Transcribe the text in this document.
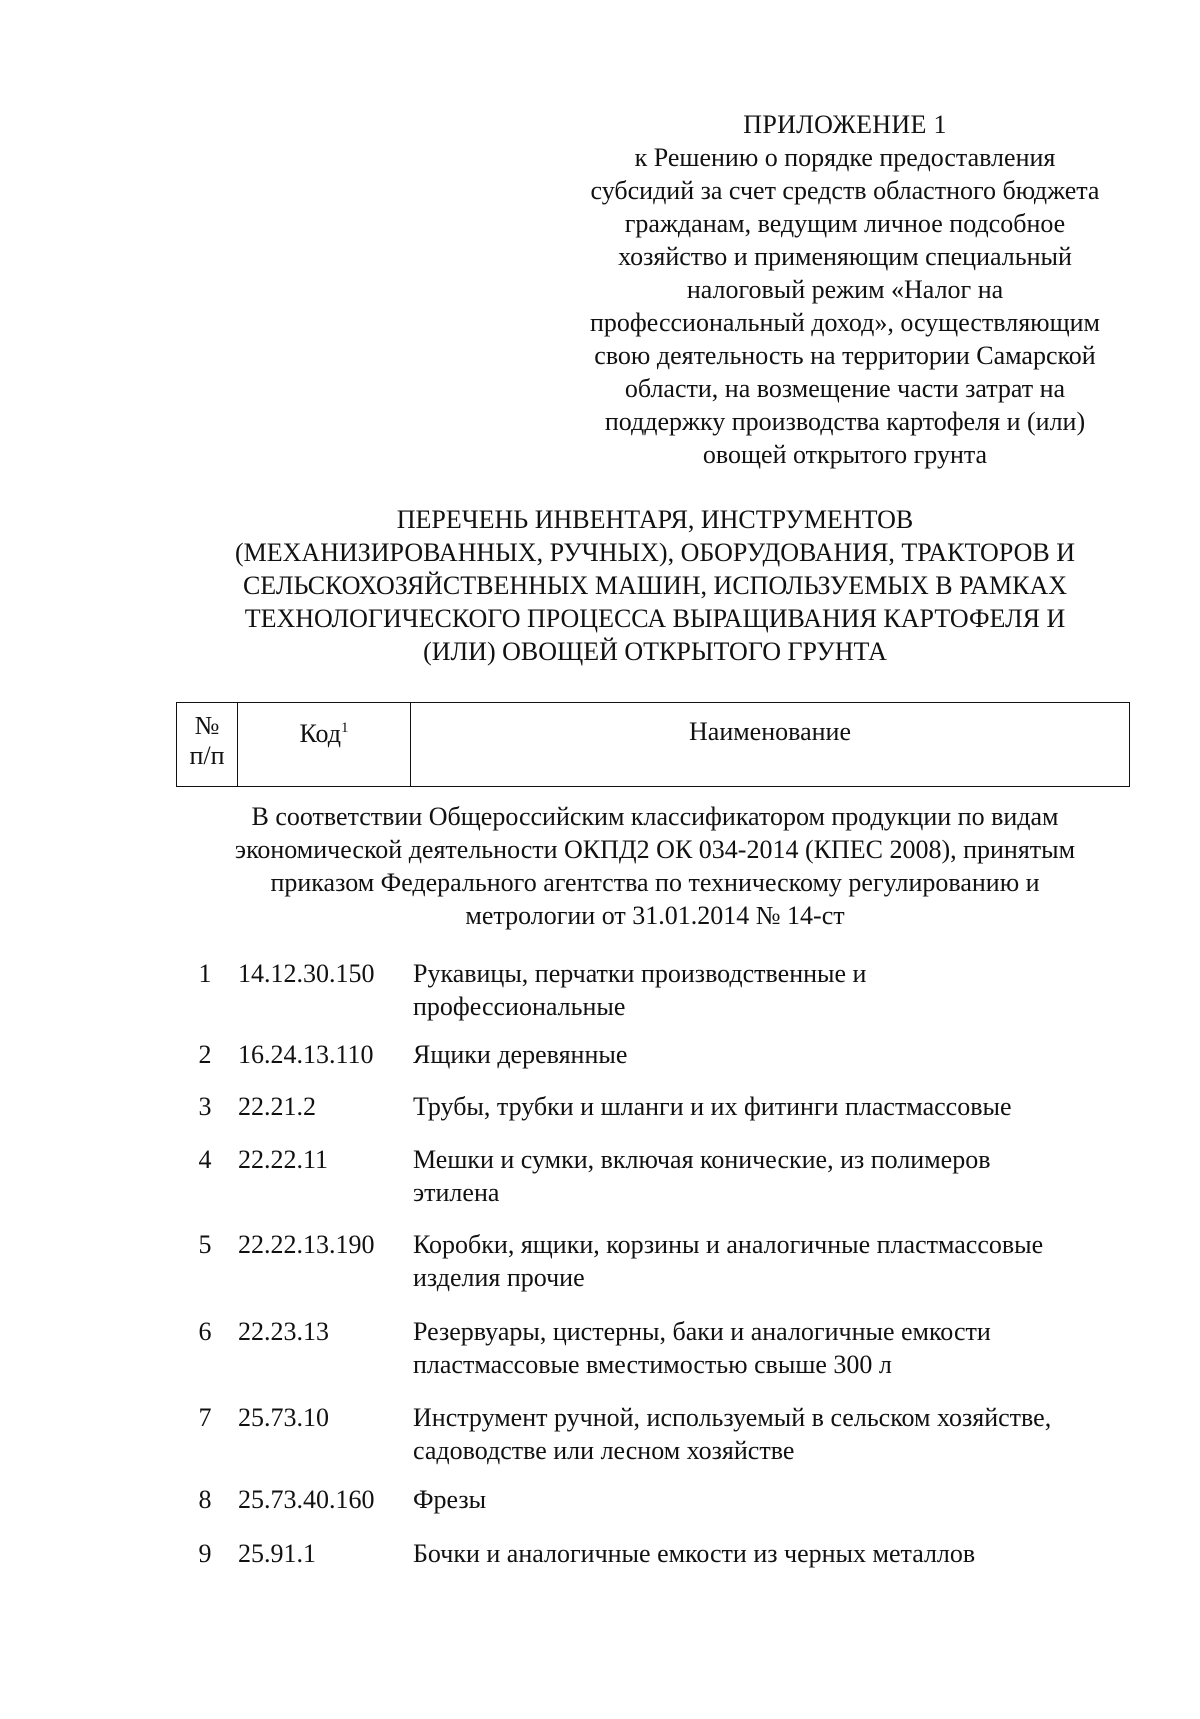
ПРИЛОЖЕНИЕ 1
к Решению о порядке предоставления
субсидий за счет средств областного бюджета
гражданам, ведущим личное подсобное
хозяйство и применяющим специальный
налоговый режим «Налог на
профессиональный доход», осуществляющим
свою деятельность на территории Самарской
области, на возмещение части затрат на
поддержку производства картофеля и (или)
овощей открытого грунта
ПЕРЕЧЕНЬ ИНВЕНТАРЯ, ИНСТРУМЕНТОВ
(МЕХАНИЗИРОВАННЫХ, РУЧНЫХ), ОБОРУДОВАНИЯ, ТРАКТОРОВ И
СЕЛЬСКОХОЗЯЙСТВЕННЫХ МАШИН, ИСПОЛЬЗУЕМЫХ В РАМКАХ
ТЕХНОЛОГИЧЕСКОГО ПРОЦЕССА ВЫРАЩИВАНИЯ КАРТОФЕЛЯ И
(ИЛИ) ОВОЩЕЙ ОТКРЫТОГО ГРУНТА
№
п/п
Код$^1$	Наименование
В соответствии Общероссийским классификатором продукции по видам
экономической деятельности ОКПД2 ОК 034-2014 (КПЕС 2008), принятым
приказом Федерального агентства по техническому регулированию и
метрологии от 31.01.2014 № 14-ст
1	14.12.30.150	Рукавицы, перчатки производственные и
профессиональные
2	16.24.13.110	Ящики деревянные
3	22.21.2	Трубы, трубки и шланги и их фитинги пластмассовые
4	22.22.11	Мешки и сумки, включая конические, из полимеров
этилена
5	22.22.13.190	Коробки, ящики, корзины и аналогичные пластмассовые
изделия прочие
6	22.23.13	Резервуары, цистерны, баки и аналогичные емкости
пластмассовые вместимостью свыше 300 л
7	25.73.10	Инструмент ручной, используемый в сельском хозяйстве,
садоводстве или лесном хозяйстве
8	25.73.40.160	Фрезы
9	25.91.1	Бочки и аналогичные емкости из черных металлов
